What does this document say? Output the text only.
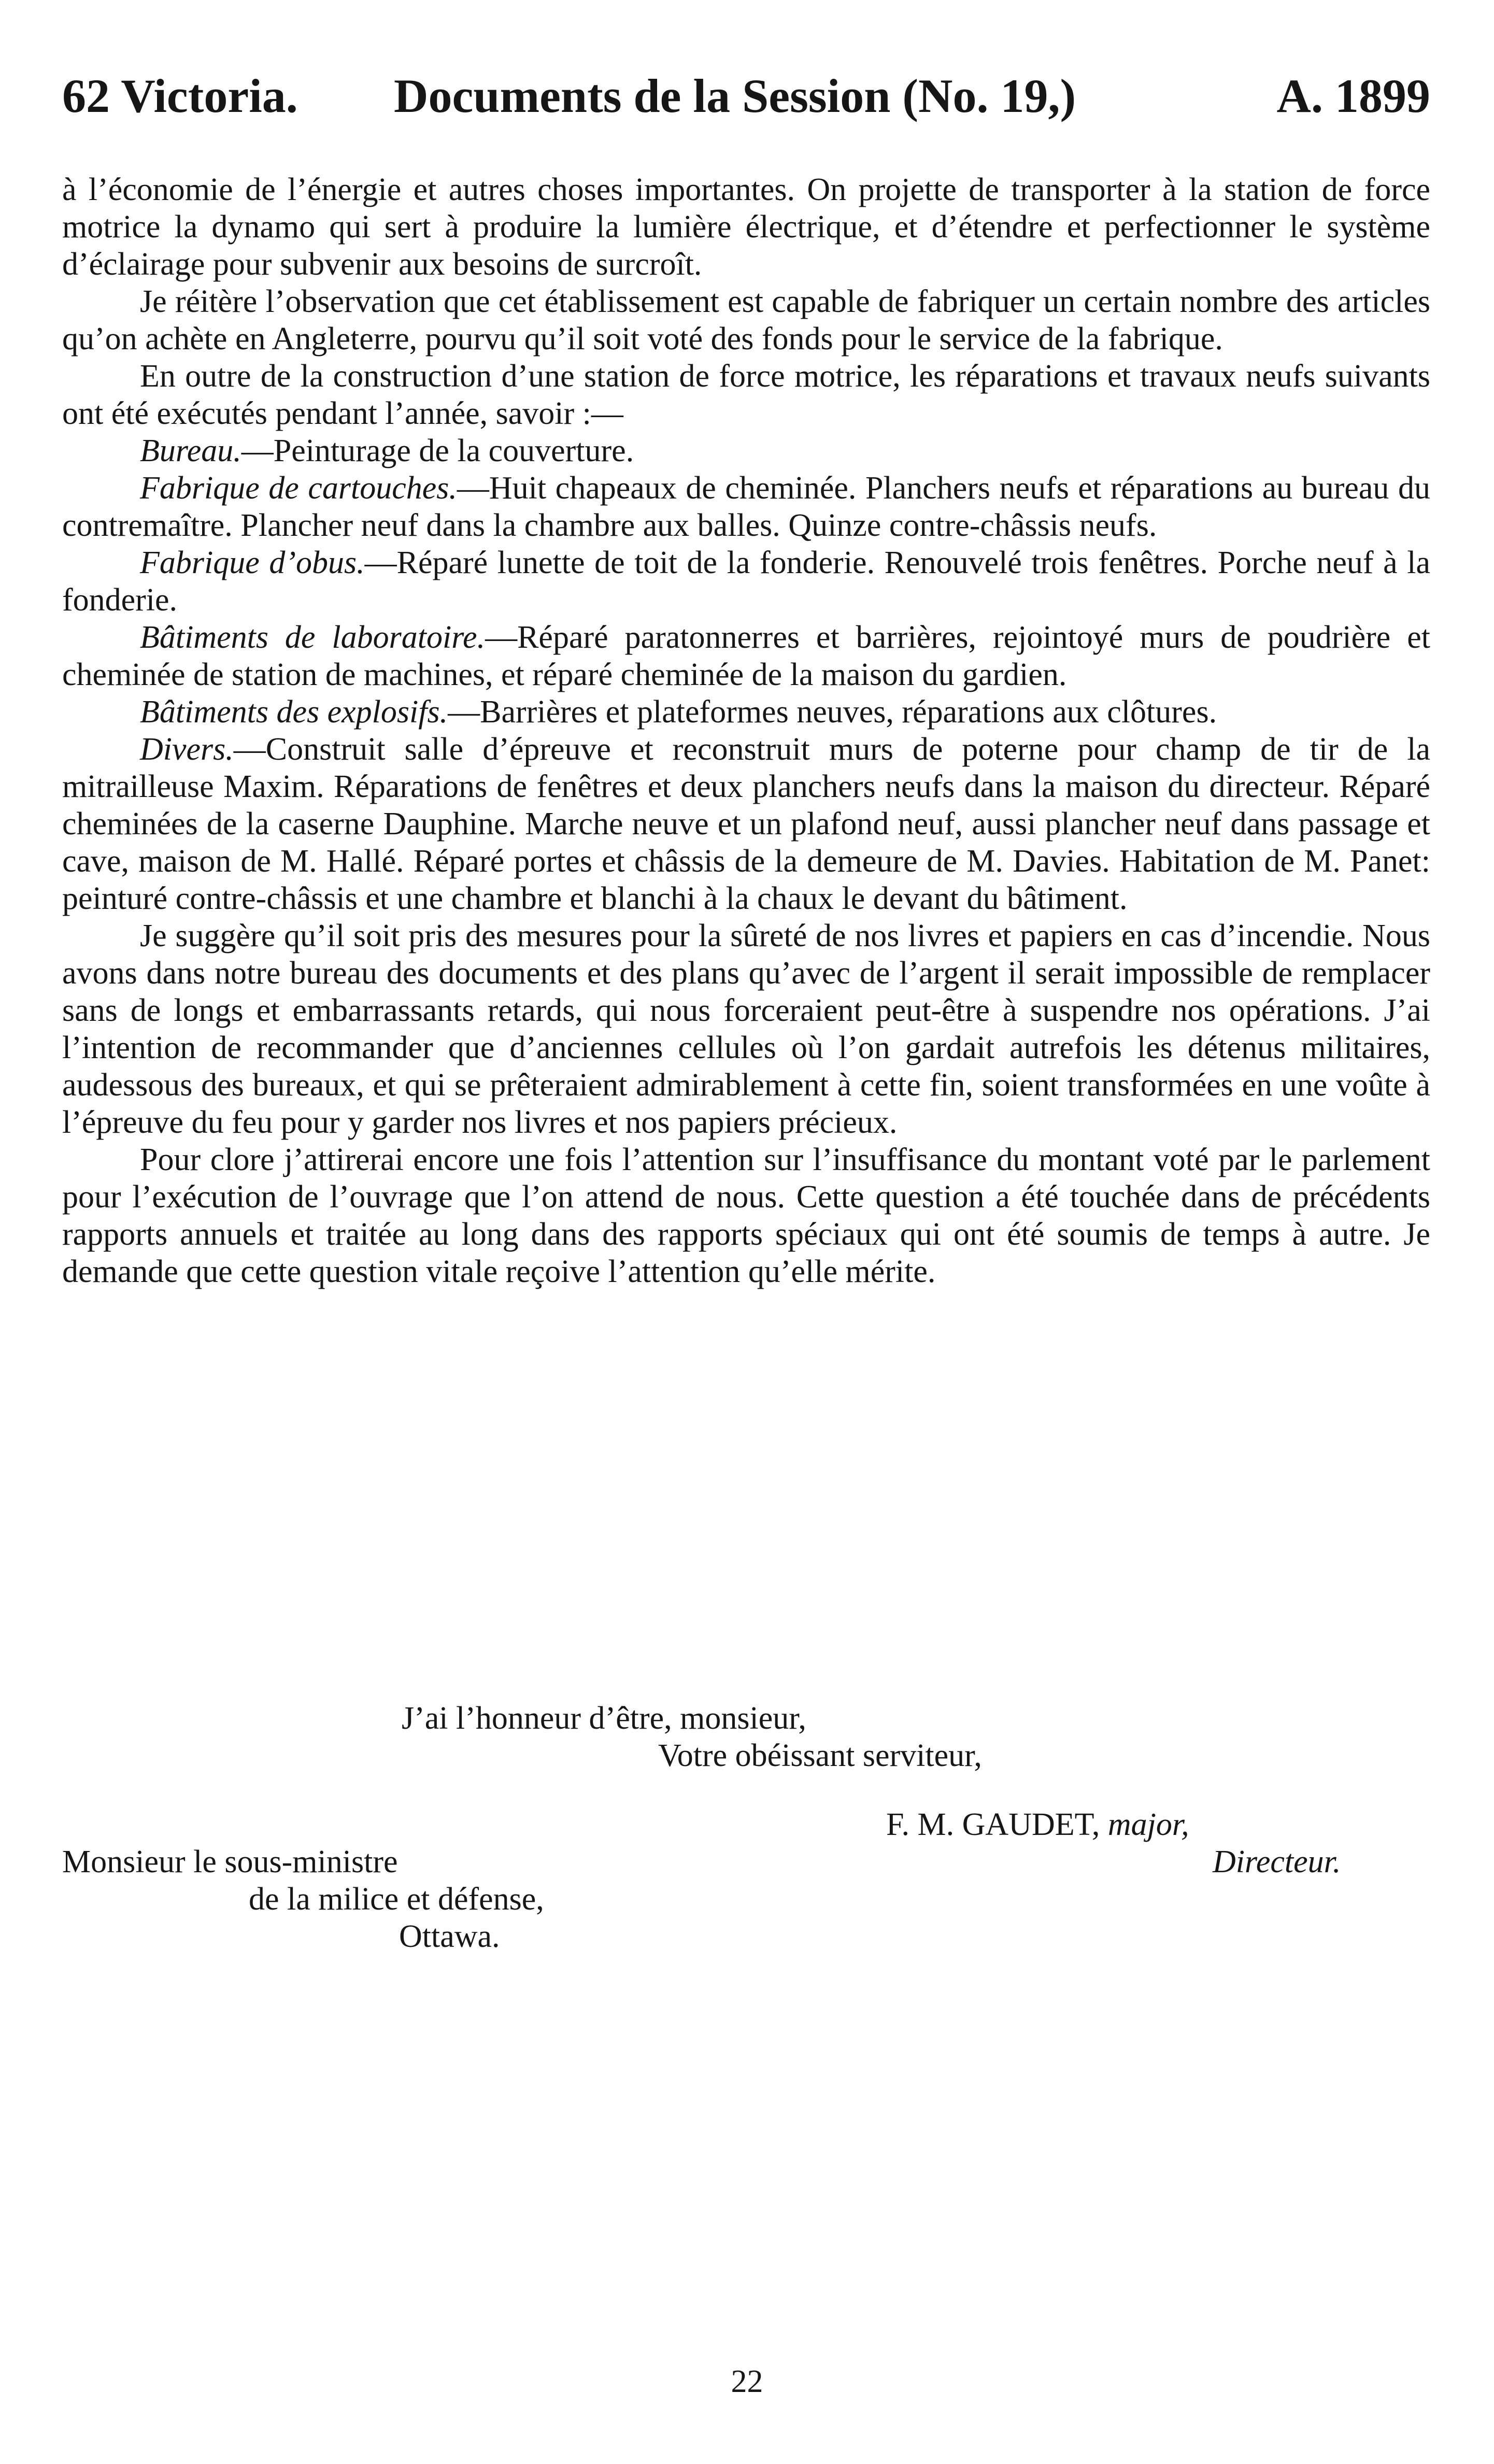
62 Victoria. Documents de la Session (No. 19,)	A. 1899

à l’économie de l’énergie et autres choses importantes. On projette de transporter à la station de force motrice la dynamo qui sert à produire la lumière électrique, et d’étendre et perfectionner le système d’éclairage pour subvenir aux besoins de surcroît.

Je réitère l’observation que cet établissement est capable de fabriquer un certain nombre des articles qu’on achète en Angleterre, pourvu qu’il soit voté des fonds pour le service de la fabrique.

En outre de la construction d’une station de force motrice, les réparations et travaux neufs suivants ont été exécutés pendant l’année, savoir :—

Bureau.—Peinturage de la couverture.

Fabrique de cartouches.—Huit chapeaux de cheminée. Planchers neufs et réparations au bureau du contremaître. Plancher neuf dans la chambre aux balles. Quinze contre-châssis neufs.

Fabrique d’obus.—Réparé lunette de toit de la fonderie. Renouvelé trois fenêtres. Porche neuf à la fonderie.

Bâtiments de laboratoire.—Réparé paratonnerres et barrières, rejointoyé murs de poudrière et cheminée de station de machines, et réparé cheminée de la maison du gardien.

Bâtiments des explosifs.—Barrières et plateformes neuves, réparations aux clôtures.

Divers.—Construit salle d’épreuve et reconstruit murs de poterne pour champ de tir de la mitrailleuse Maxim. Réparations de fenêtres et deux planchers neufs dans la maison du directeur. Réparé cheminées de la caserne Dauphine. Marche neuve et un plafond neuf, aussi plancher neuf dans passage et cave, maison de M. Hallé. Réparé portes et châssis de la demeure de M. Davies. Habitation de M. Panet: peinturé contre-châssis et une chambre et blanchi à la chaux le devant du bâtiment.

Je suggère qu’il soit pris des mesures pour la sûreté de nos livres et papiers en cas d’incendie. Nous avons dans notre bureau des documents et des plans qu’avec de l’argent il serait impossible de remplacer sans de longs et embarrassants retards, qui nous forceraient peut-être à suspendre nos opérations. J’ai l’intention de recommander que d’anciennes cellules où l’on gardait autrefois les détenus militaires, audessous des bureaux, et qui se prêteraient admirablement à cette fin, soient transformées en une voûte à l’épreuve du feu pour y garder nos livres et nos papiers précieux.

Pour clore j’attirerai encore une fois l’attention sur l’insuffisance du montant voté par le parlement pour l’exécution de l’ouvrage que l’on attend de nous. Cette question a été touchée dans de précédents rapports annuels et traitée au long dans des rapports spéciaux qui ont été soumis de temps à autre. Je demande que cette question vitale reçoive l’attention qu’elle mérite.

J’ai l’honneur d’être, monsieur,
Votre obéissant serviteur,
F. M. GAUDET, major,
Directeur.
Monsieur le sous-ministre
de la milice et défense,
Ottawa.
22
